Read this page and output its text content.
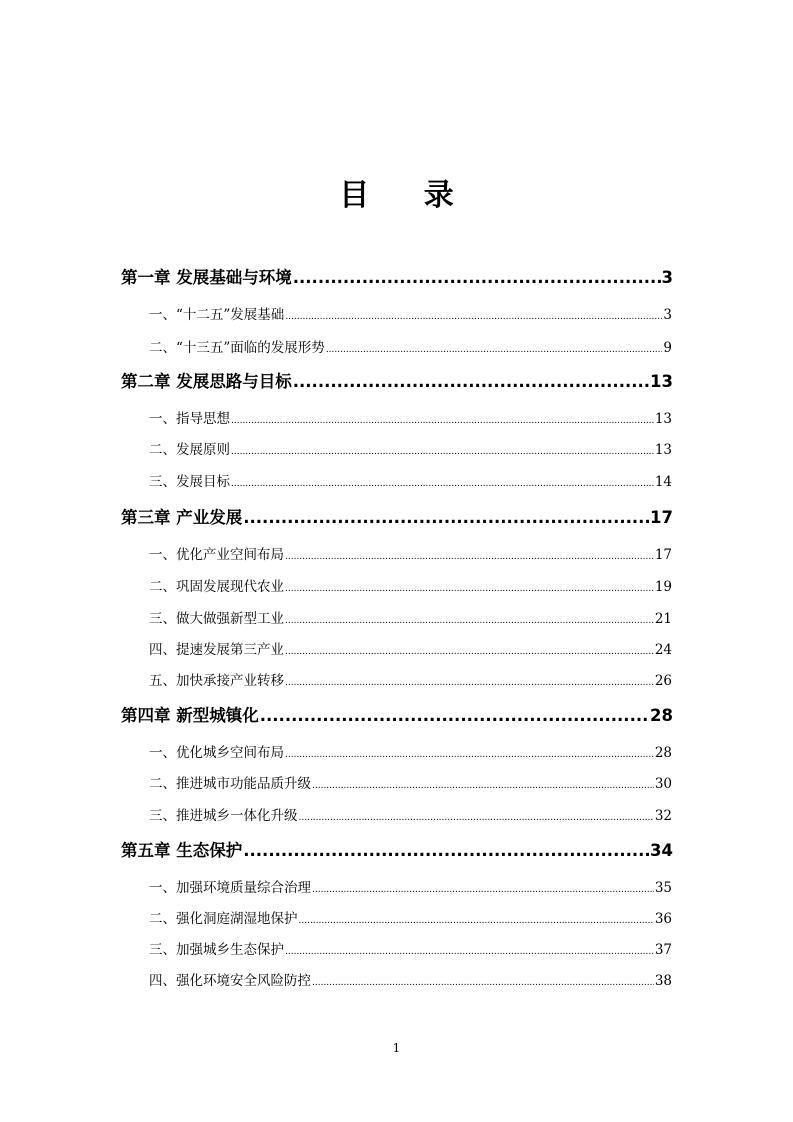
目 录
第一章 发展基础与环境 .....	3
一、“十二五”发展基础 .....	3
二、“十三五”面临的发展形势 .....	9
第二章 发展思路与目标 .....	13
一、指导思想 .....	13
二、发展原则 .....	13
三、发展目标 .....	14
第三章 产业发展 .....	17
一、优化产业空间布局 .....	17
二、巩固发展现代农业 .....	19
三、做大做强新型工业 .....	21
四、提速发展第三产业 .....	24
五、加快承接产业转移 .....	26
第四章 新型城镇化 .....	28
一、优化城乡空间布局 .....	28
二、推进城市功能品质升级 .....	30
三、推进城乡一体化升级 .....	32
第五章 生态保护 .....	34
一、加强环境质量综合治理 .....	35
二、强化洞庭湖湿地保护 .....	36
三、加强城乡生态保护 .....	37
四、强化环境安全风险防控 .....	38
1
